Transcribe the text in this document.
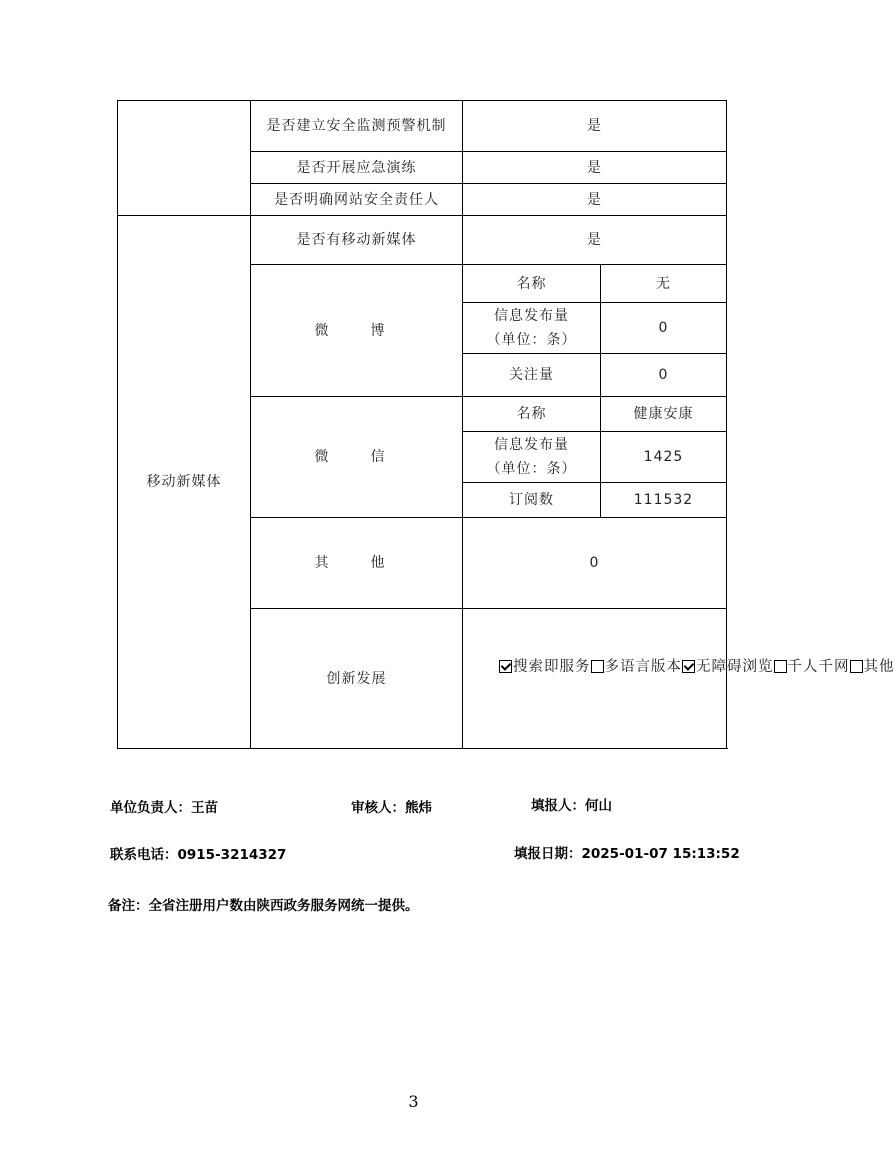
	是否建立安全监测预警机制	是	
	是否开展应急演练	是	
	是否明确网站安全责任人	是	
移动新媒体	是否有移动新媒体	是	
	微　博	名称	无
		信息发布量（单位：条）	0
		关注量	0
	微　信	名称	健康安康
		信息发布量（单位：条）	1425
		订阅数	111532
	其　他	0	
	创新发展	搜索即服务 多语言版本 无障碍浏览 千人千网 其他	
单位负责人：王苗	审核人：熊炜	填报人：何山
联系电话：0915-3214327	填报日期：2025-01-07 15:13:52
备注：全省注册用户数由陕西政务服务网统一提供。
3
